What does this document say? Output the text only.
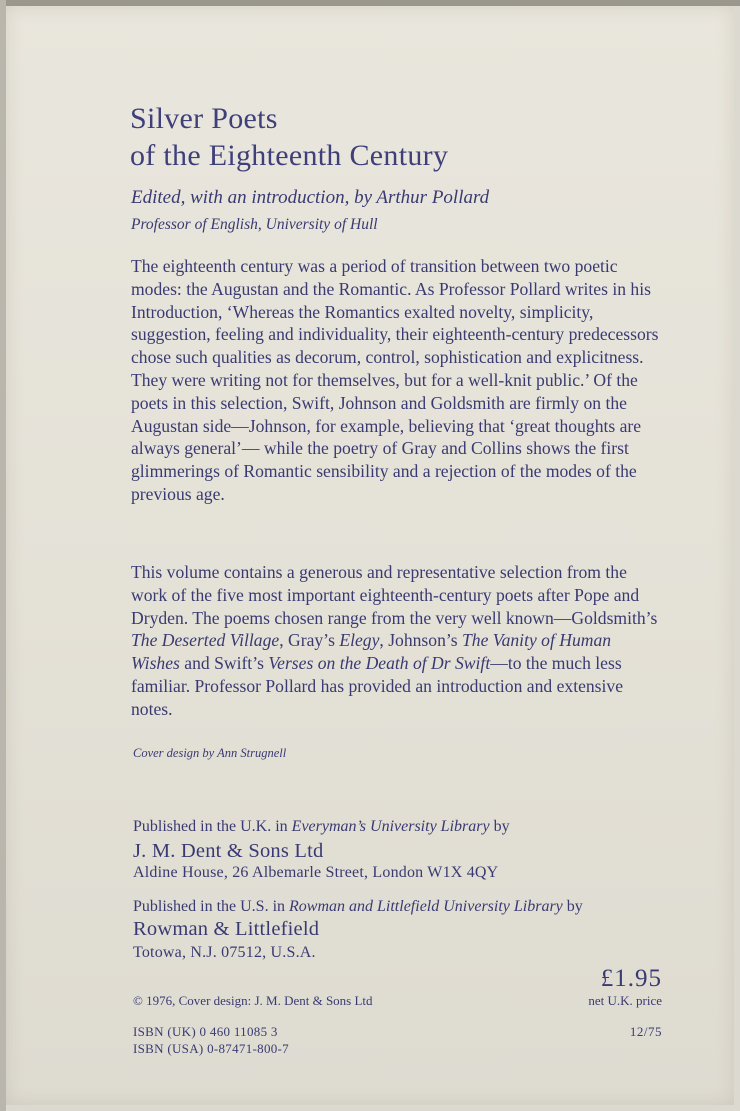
Silver Poets
of the Eighteenth Century

Edited, with an introduction, by Arthur Pollard

Professor of English, University of Hull

The eighteenth century was a period of transition between two poetic modes: the Augustan and the Romantic. As Professor Pollard writes in his Introduction, ‘Whereas the Romantics exalted novelty, simplicity, suggestion, feeling and individuality, their eighteenth-century predecessors chose such qualities as decorum, control, sophistication and explicitness. They were writing not for themselves, but for a well-knit public.’ Of the poets in this selection, Swift, Johnson and Goldsmith are firmly on the Augustan side—Johnson, for example, believing that ‘great thoughts are always general’— while the poetry of Gray and Collins shows the first glimmerings of Romantic sensibility and a rejection of the modes of the previous age.

This volume contains a generous and representative selection from the work of the five most important eighteenth-century poets after Pope and Dryden. The poems chosen range from the very well known—Goldsmith’s The Deserted Village, Gray’s Elegy, Johnson’s The Vanity of Human Wishes and Swift’s Verses on the Death of Dr Swift—to the much less familiar. Professor Pollard has provided an introduction and extensive notes.

Cover design by Ann Strugnell

Published in the U.K. in Everyman’s University Library by

J. M. Dent & Sons Ltd

Aldine House, 26 Albemarle Street, London W1X 4QY

Published in the U.S. in Rowman and Littlefield University Library by

Rowman & Littlefield

Totowa, N.J. 07512, U.S.A.

£1.95

net U.K. price

© 1976, Cover design: J. M. Dent & Sons Ltd

ISBN (UK) 0 460 11085 3

ISBN (USA) 0-87471-800-7

12/75
